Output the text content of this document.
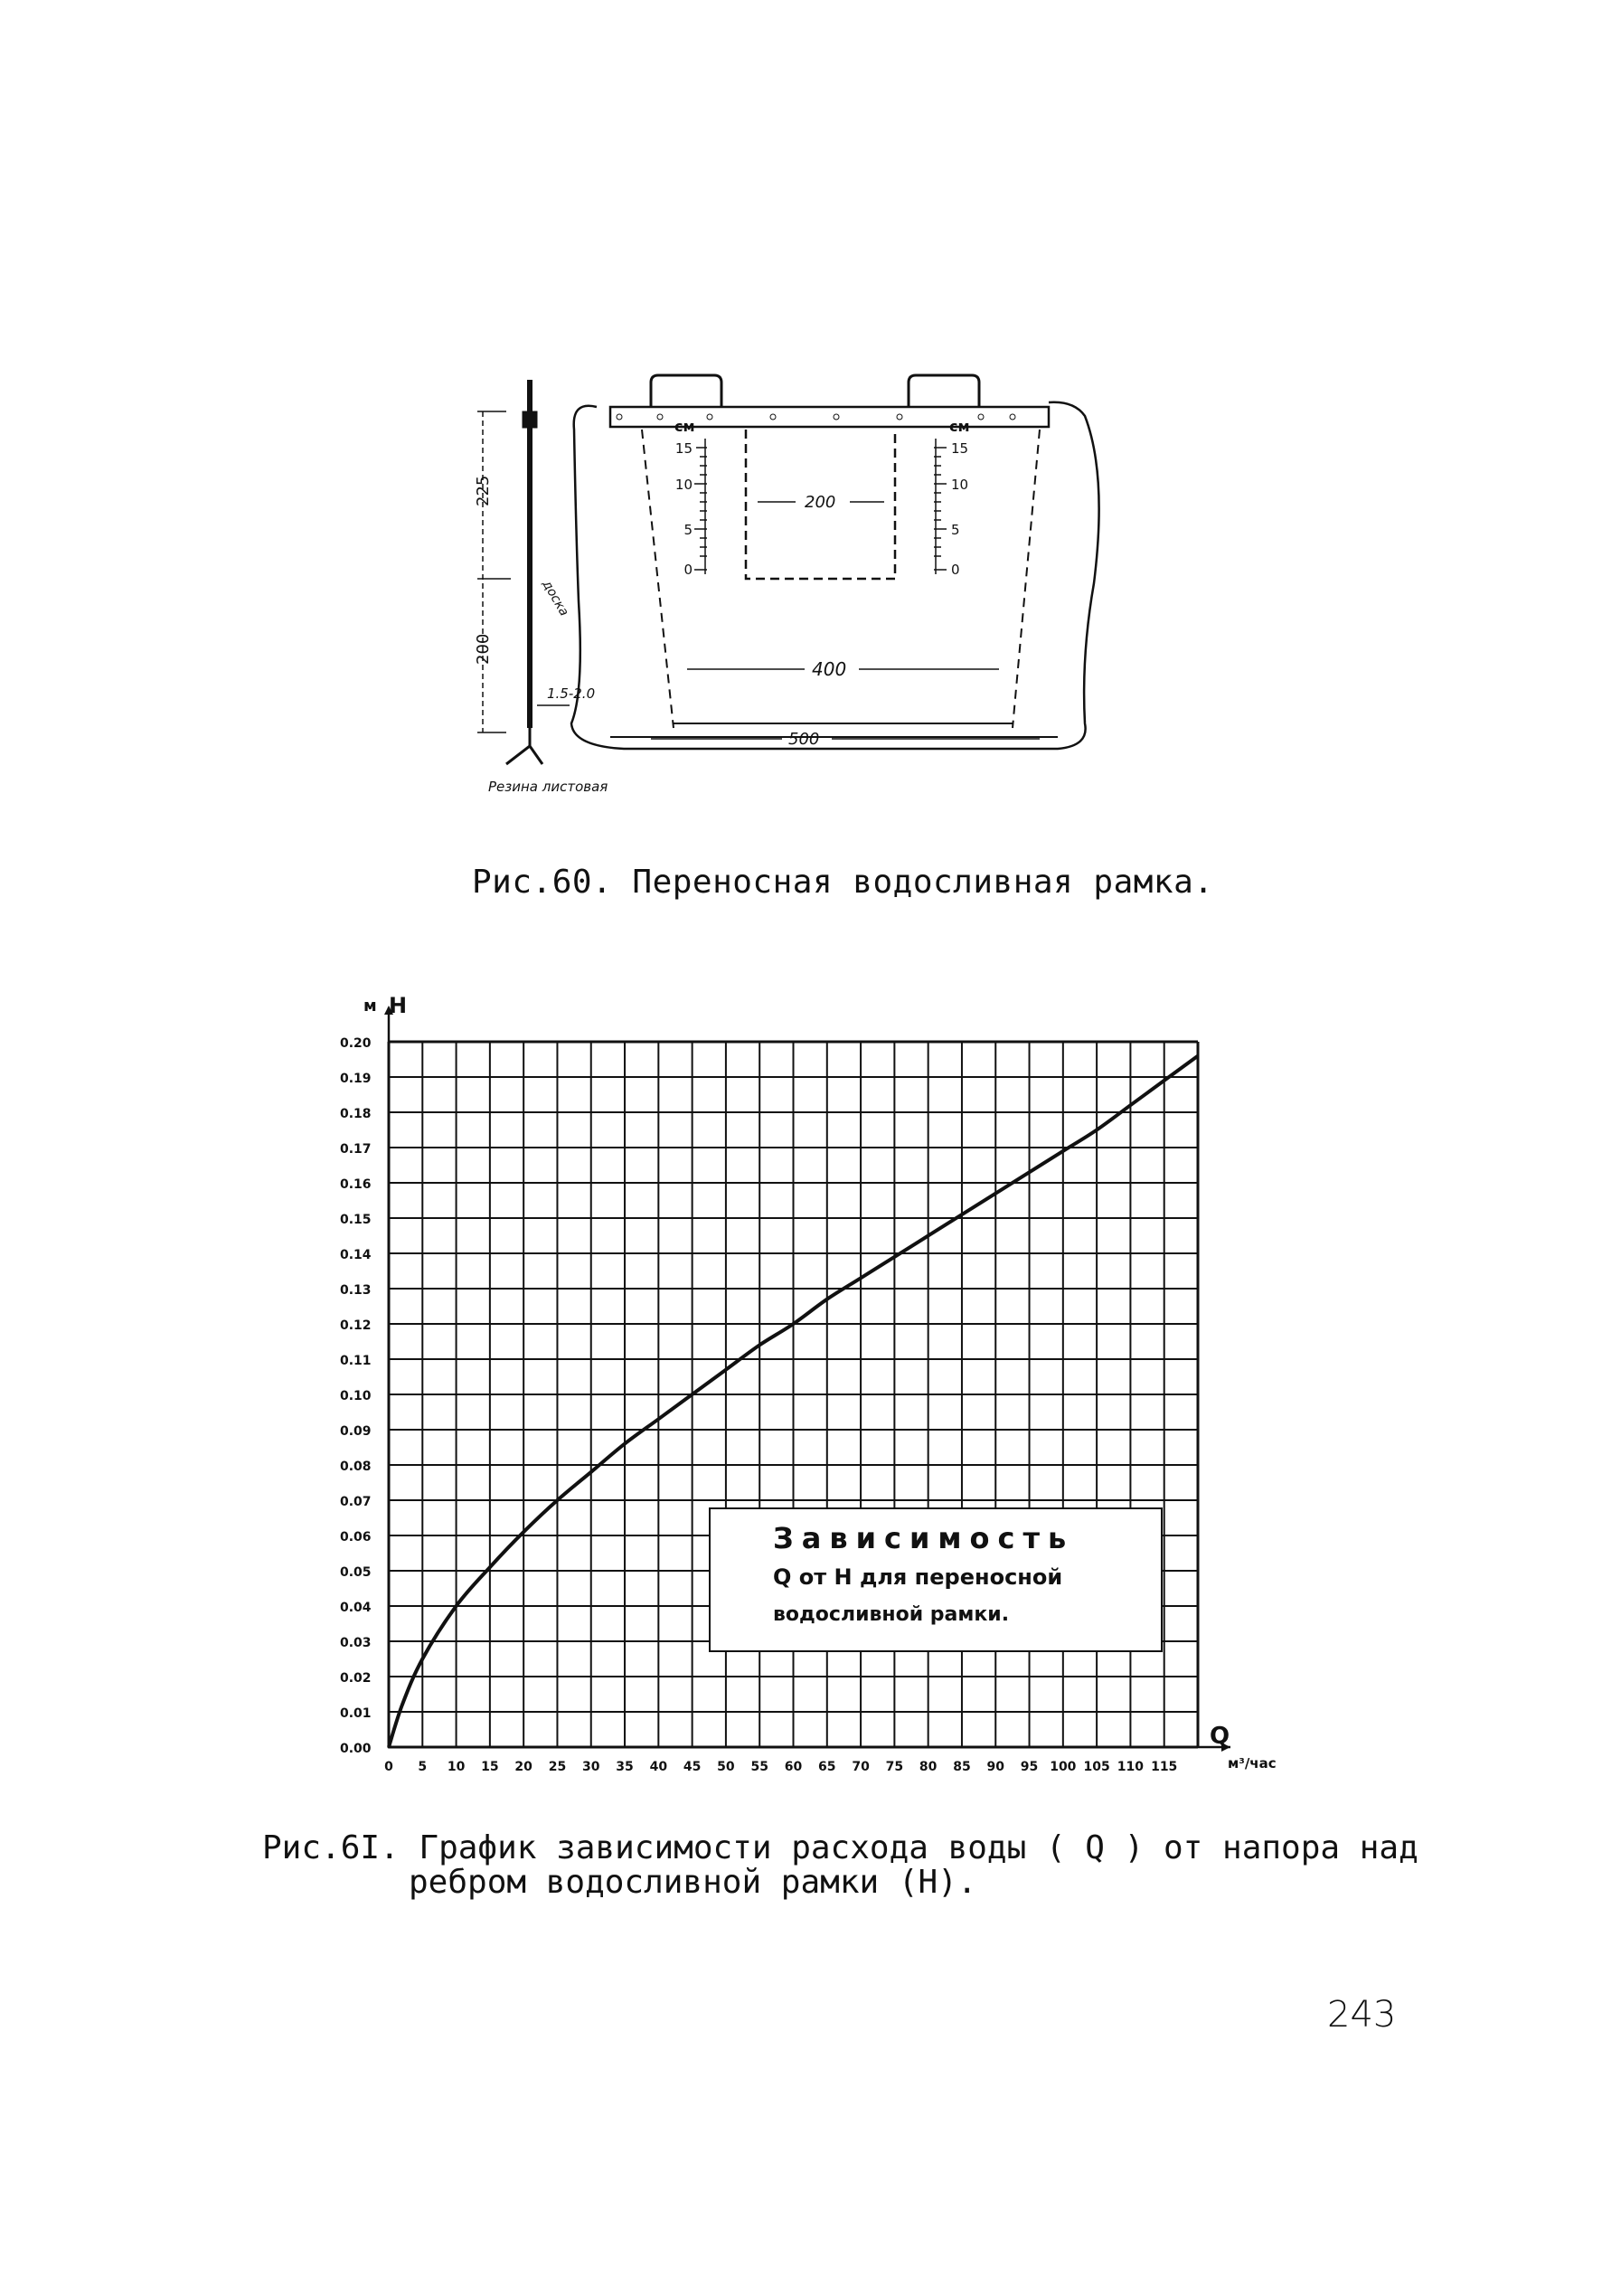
225
200
доска
1.5-2.0
Резина листовая
см	см
15
10
5
0
15
10
5
0
200
400
500
Рис.60. Переносная водосливная рамка.
0.00
0.01
0.02
0.03
0.04
0.05
0.06
0.07
0.08
0.09
0.10
0.11
0.12
0.13
0.14
0.15
0.16
0.17
0.18
0.19
0.20
0 5 10 15 20 25 30 35 40 45 50 55 60 65 70 75 80 85 90 95 100 105 110 115
м H
Q
м³/час
Зависимость
Q от H для переносной
водосливной рамки.
Рис.6I. График зависимости расхода воды ( Q ) от напора над
ребром водосливной рамки (H).
243
